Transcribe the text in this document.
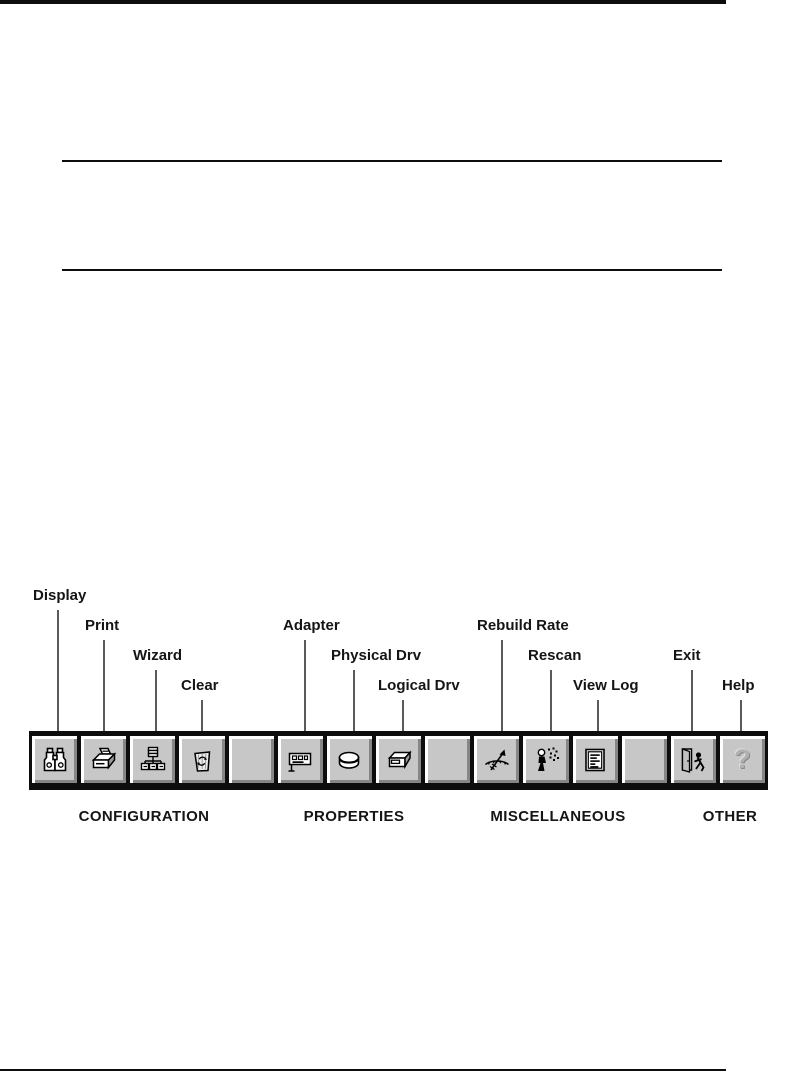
Display
Print
Wizard
Clear
Adapter
Physical Drv
Logical Drv
Rebuild Rate
Rescan
View Log
Exit
Help
?
CONFIGURATION	PROPERTIES	MISCELLANEOUS	OTHER
